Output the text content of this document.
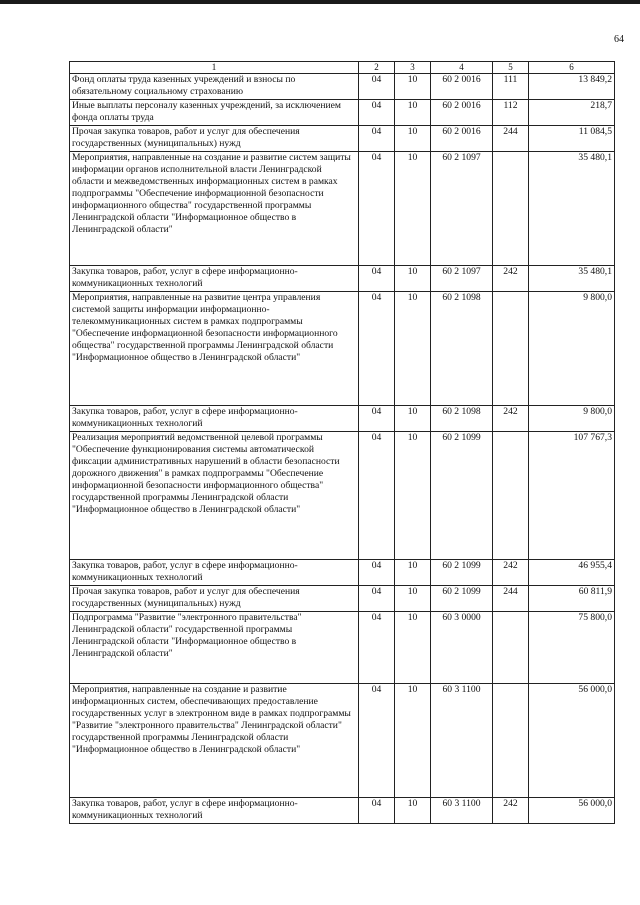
64
1	2	3	4	5	6
Фонд оплаты труда казенных учреждений и взносы по обязательному социальному страхованию	04	10	60 2 0016	111	13 849,2
Иные выплаты персоналу казенных учреждений, за исключением фонда оплаты труда	04	10	60 2 0016	112	218,7
Прочая закупка товаров, работ и услуг для обеспечения государственных (муниципальных) нужд	04	10	60 2 0016	244	11 084,5
Мероприятия, направленные на создание и развитие систем защиты информации органов исполнительной власти Ленинградской области и межведомственных информационных систем в рамках подпрограммы "Обеспечение информационной безопасности информационного общества" государственной программы Ленинградской области "Информационное общество в Ленинградской области"	04	10	60 2 1097		35 480,1
Закупка товаров, работ, услуг в сфере информационно-коммуникационных технологий	04	10	60 2 1097	242	35 480,1
Мероприятия, направленные на развитие центра управления системой защиты информации информационно-телекоммуникационных систем в рамках подпрограммы "Обеспечение информационной безопасности информационного общества" государственной программы Ленинградской области "Информационное общество в Ленинградской области"	04	10	60 2 1098		9 800,0
Закупка товаров, работ, услуг в сфере информационно-коммуникационных технологий	04	10	60 2 1098	242	9 800,0
Реализация мероприятий ведомственной целевой программы "Обеспечение функционирования системы автоматической фиксации административных нарушений в области безопасности дорожного движения" в рамках подпрограммы "Обеспечение информационной безопасности информационного общества" государственной программы Ленинградской области "Информационное общество в Ленинградской области"	04	10	60 2 1099		107 767,3
Закупка товаров, работ, услуг в сфере информационно-коммуникационных технологий	04	10	60 2 1099	242	46 955,4
Прочая закупка товаров, работ и услуг для обеспечения государственных (муниципальных) нужд	04	10	60 2 1099	244	60 811,9
Подпрограмма "Развитие "электронного правительства" Ленинградской области" государственной программы Ленинградской области "Информационное общество в Ленинградской области"	04	10	60 3 0000		75 800,0
Мероприятия, направленные на создание и развитие информационных систем, обеспечивающих предоставление государственных услуг в электронном виде в рамках подпрограммы "Развитие "электронного правительства" Ленинградской области" государственной программы Ленинградской области "Информационное общество в Ленинградской области"	04	10	60 3 1100		56 000,0
Закупка товаров, работ, услуг в сфере информационно-коммуникационных технологий	04	10	60 3 1100	242	56 000,0
